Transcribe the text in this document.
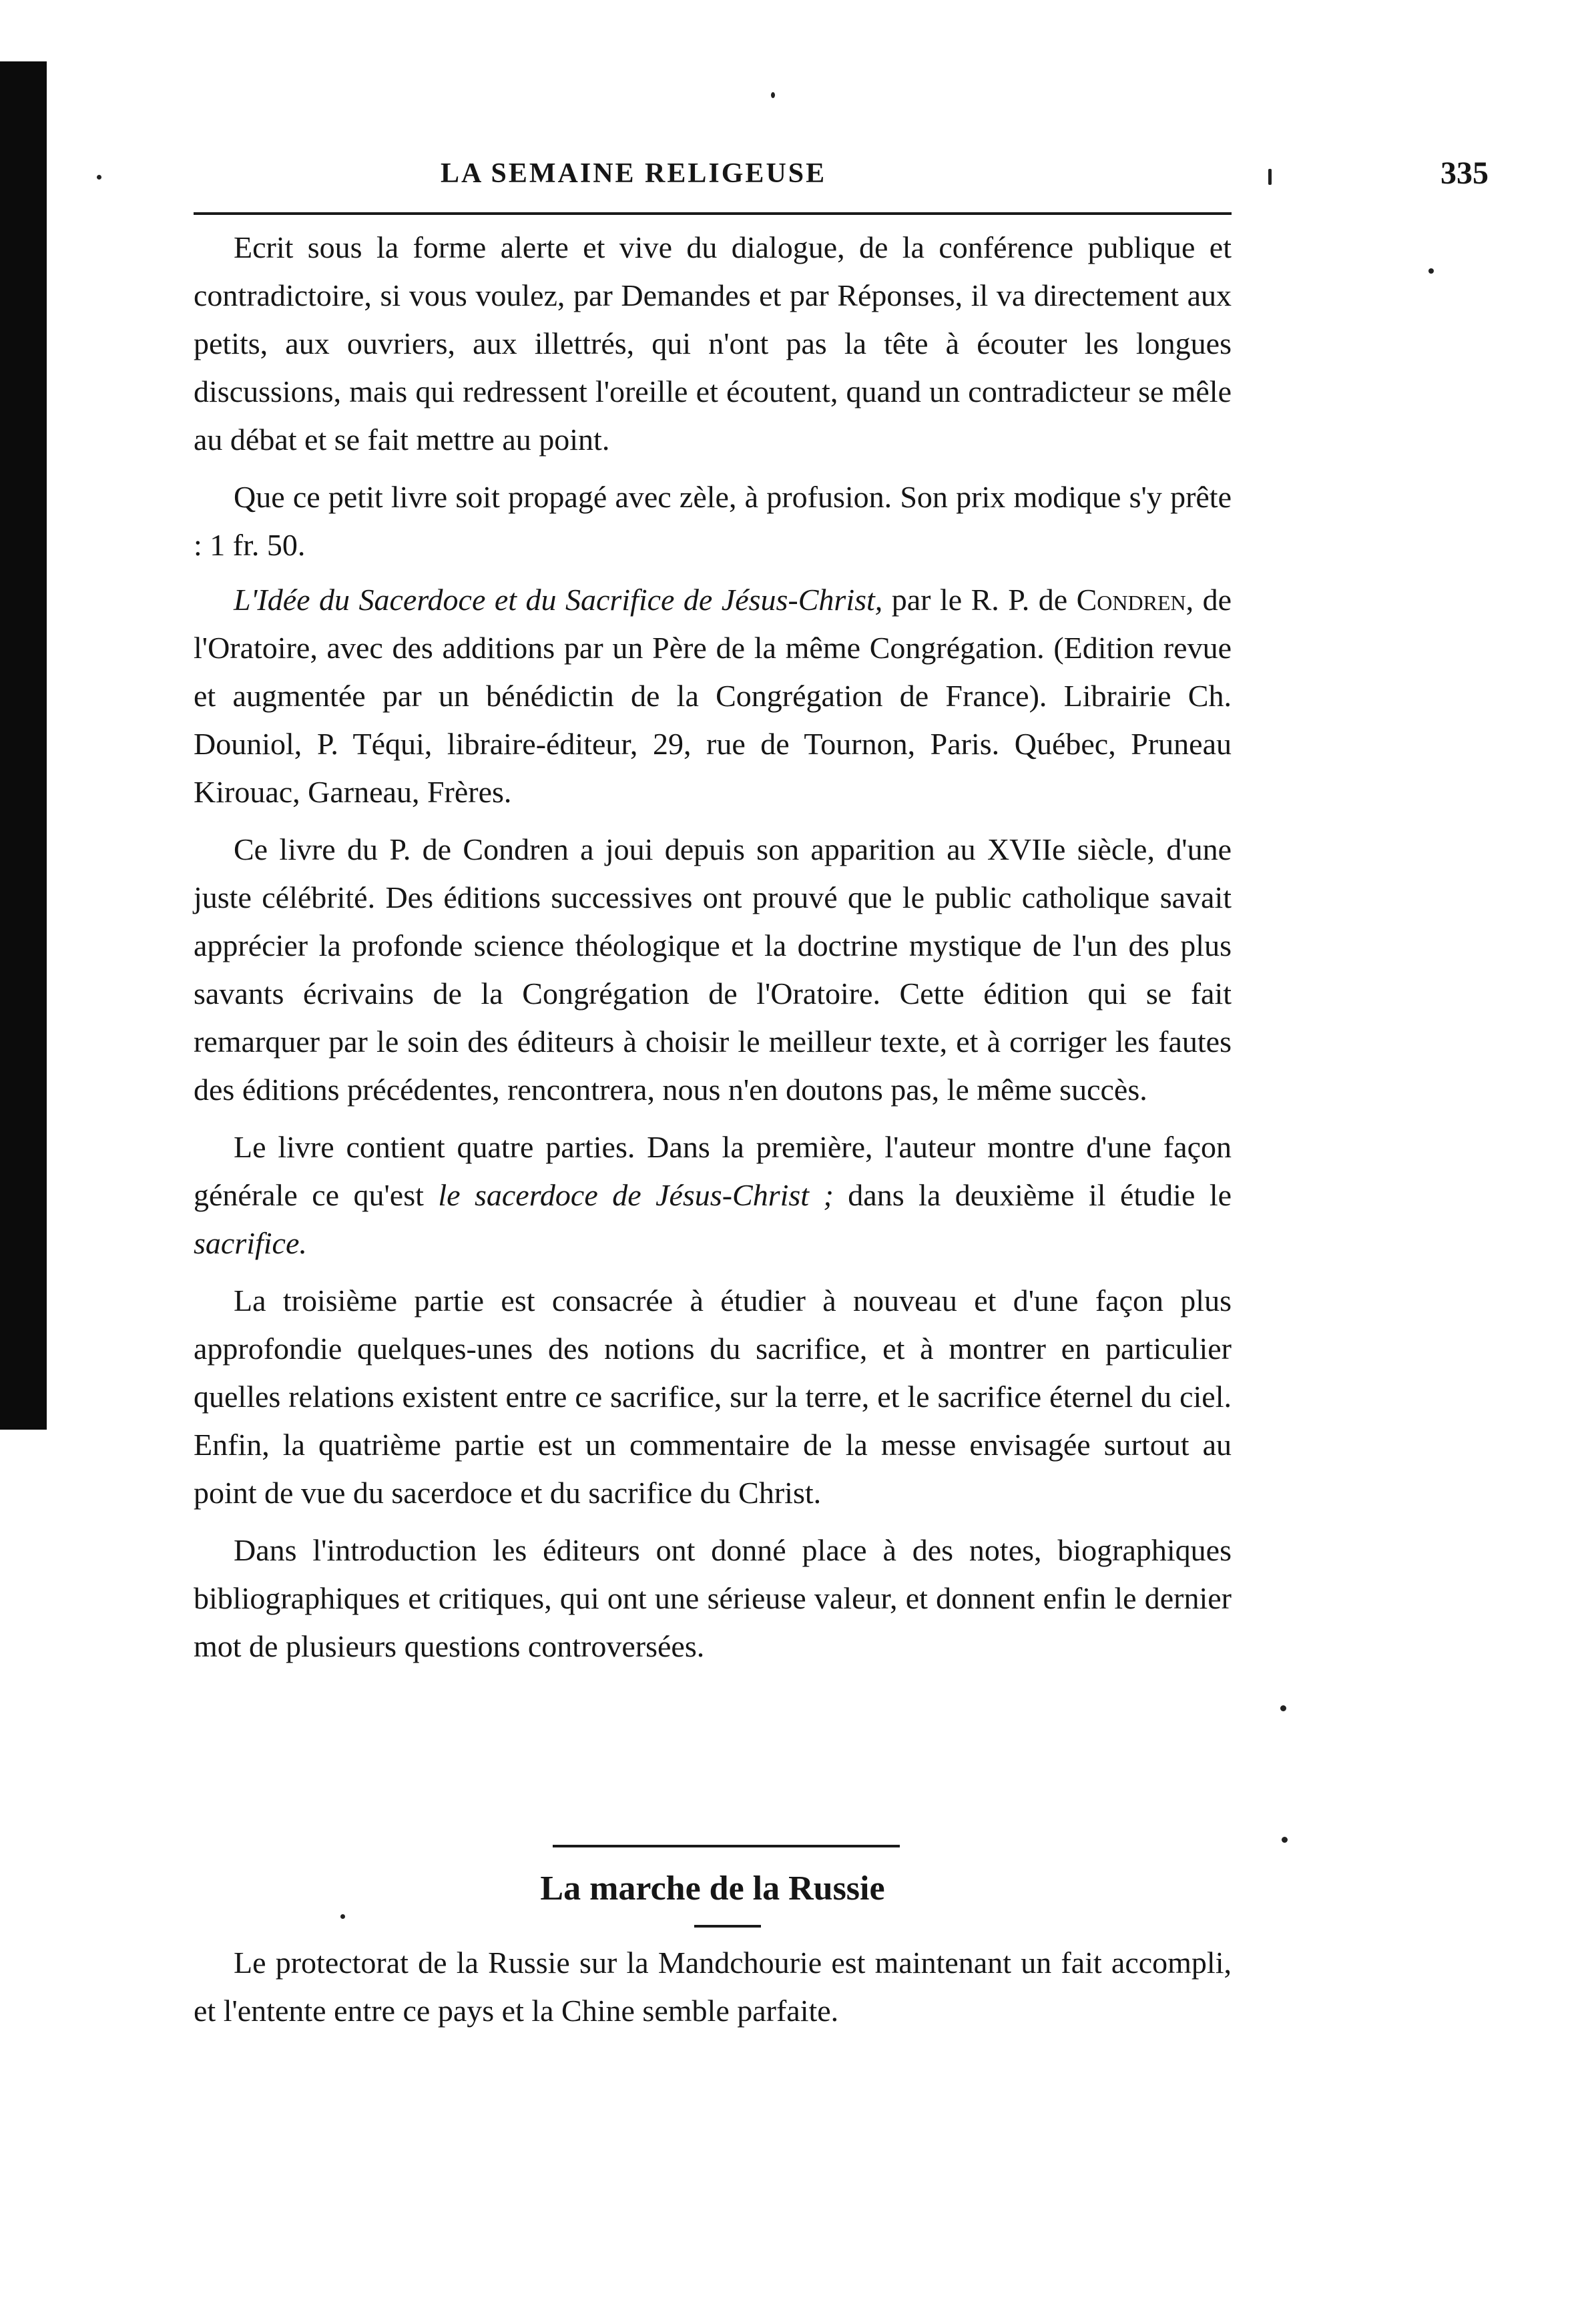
LA SEMAINE RELIGEUSE	335

Ecrit sous la forme alerte et vive du dialogue, de la conférence publique et contradictoire, si vous voulez, par Demandes et par Réponses, il va directement aux petits, aux ouvriers, aux illettrés, qui n'ont pas la tête à écouter les longues discussions, mais qui redressent l'oreille et écoutent, quand un contradicteur se mêle au débat et se fait mettre au point.

Que ce petit livre soit propagé avec zèle, à profusion. Son prix modique s'y prête : 1 fr. 50.

L'Idée du Sacerdoce et du Sacrifice de Jésus-Christ, par le R. P. de Condren, de l'Oratoire, avec des additions par un Père de la même Congrégation. (Edition revue et augmentée par un bénédictin de la Congrégation de France). Librairie Ch. Douniol, P. Téqui, libraire-éditeur, 29, rue de Tournon, Paris. Québec, Pruneau Kirouac, Garneau, Frères.

Ce livre du P. de Condren a joui depuis son apparition au XVIIe siècle, d'une juste célébrité. Des éditions successives ont prouvé que le public catholique savait apprécier la profonde science théologique et la doctrine mystique de l'un des plus savants écrivains de la Congrégation de l'Oratoire. Cette édition qui se fait remarquer par le soin des éditeurs à choisir le meilleur texte, et à corriger les fautes des éditions précédentes, rencontrera, nous n'en doutons pas, le même succès.

Le livre contient quatre parties. Dans la première, l'auteur montre d'une façon générale ce qu'est le sacerdoce de Jésus-Christ ; dans la deuxième il étudie le sacrifice.

La troisième partie est consacrée à étudier à nouveau et d'une façon plus approfondie quelques-unes des notions du sacrifice, et à montrer en particulier quelles relations existent entre ce sacrifice, sur la terre, et le sacrifice éternel du ciel. Enfin, la quatrième partie est un commentaire de la messe envisagée surtout au point de vue du sacerdoce et du sacrifice du Christ.

Dans l'introduction les éditeurs ont donné place à des notes, biographiques bibliographiques et critiques, qui ont une sérieuse valeur, et donnent enfin le dernier mot de plusieurs questions controversées.

La marche de la Russie

Le protectorat de la Russie sur la Mandchourie est maintenant un fait accompli, et l'entente entre ce pays et la Chine semble parfaite.
